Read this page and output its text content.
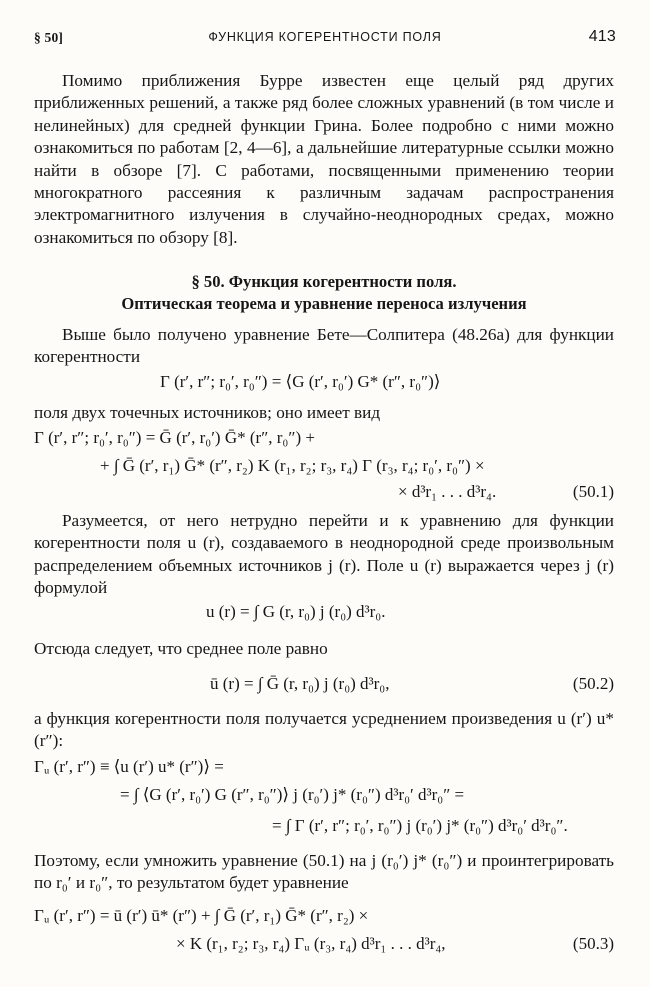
§ 50]	ФУНКЦИЯ КОГЕРЕНТНОСТИ ПОЛЯ	413

Помимо приближения Бурре известен еще целый ряд других приближенных решений, а также ряд более сложных уравнений (в том числе и нелинейных) для средней функции Грина. Более подробно с ними можно ознакомиться по работам [2, 4—6], а дальнейшие литературные ссылки можно найти в обзоре [7]. С работами, посвященными применению теории многократного рассеяния к различным задачам распространения электромагнитного излучения в случайно-неоднородных средах, можно ознакомиться по обзору [8].

§ 50. Функция когерентности поля.
Оптическая теорема и уравнение переноса излучения

Выше было получено уравнение Бете—Солпитера (48.26а) для функции когерентности

Γ (r′, r″; r₀′, r₀″) = ⟨G (r′, r₀′) G* (r″, r₀″)⟩

поля двух точечных источников; оно имеет вид

Γ (r′, r″; r₀′, r₀″) = Ḡ (r′, r₀′) Ḡ* (r″, r₀″) +
+ ∫ Ḡ (r′, r₁) Ḡ* (r″, r₂) K (r₁, r₂; r₃, r₄) Γ (r₃, r₄; r₀′, r₀″) ×
× d³r₁ . . . d³r₄.	(50.1)

Разумеется, от него нетрудно перейти и к уравнению для функции когерентности поля u (r), создаваемого в неоднородной среде произвольным распределением объемных источников j (r). Поле u (r) выражается через j (r) формулой

u (r) = ∫ G (r, r₀) j (r₀) d³r₀.

Отсюда следует, что среднее поле равно

ū (r) = ∫ Ḡ (r, r₀) j (r₀) d³r₀,	(50.2)

а функция когерентности поля получается усреднением произведения u (r′) u* (r″):

Γᵤ (r′, r″) ≡ ⟨u (r′) u* (r″)⟩ =
= ∫ ⟨G (r′, r₀′) G (r″, r₀″)⟩ j (r₀′) j* (r₀″) d³r₀′ d³r₀″ =
= ∫ Γ (r′, r″; r₀′, r₀″) j (r₀′) j* (r₀″) d³r₀′ d³r₀″.

Поэтому, если умножить уравнение (50.1) на j (r₀′) j* (r₀″) и проинтегрировать по r₀′ и r₀″, то результатом будет уравнение

Γᵤ (r′, r″) = ū (r′) ū* (r″) + ∫ Ḡ (r′, r₁) Ḡ* (r″, r₂) ×
× K (r₁, r₂; r₃, r₄) Γᵤ (r₃, r₄) d³r₁ . . . d³r₄,	(50.3)
